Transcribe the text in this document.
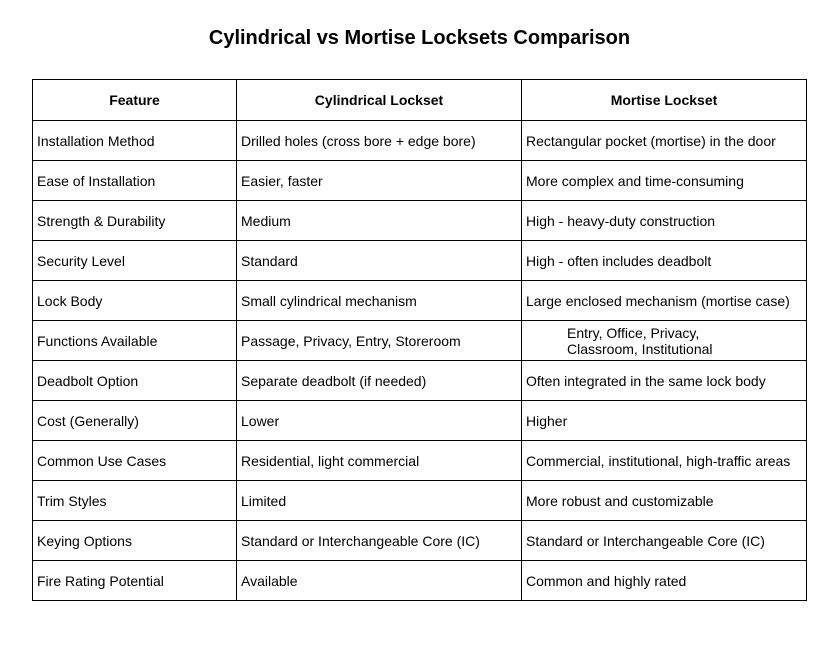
Cylindrical vs Mortise Locksets Comparison
Feature	Cylindrical Lockset	Mortise Lockset
Installation Method	Drilled holes (cross bore + edge bore)	Rectangular pocket (mortise) in the door
Ease of Installation	Easier, faster	More complex and time-consuming
Strength & Durability	Medium	High - heavy-duty construction
Security Level	Standard	High - often includes deadbolt
Lock Body	Small cylindrical mechanism	Large enclosed mechanism (mortise case)
Functions Available	Passage, Privacy, Entry, Storeroom	Entry, Office, Privacy, Classroom, Institutional
Deadbolt Option	Separate deadbolt (if needed)	Often integrated in the same lock body
Cost (Generally)	Lower	Higher
Common Use Cases	Residential, light commercial	Commercial, institutional, high-traffic areas
Trim Styles	Limited	More robust and customizable
Keying Options	Standard or Interchangeable Core (IC)	Standard or Interchangeable Core (IC)
Fire Rating Potential	Available	Common and highly rated
